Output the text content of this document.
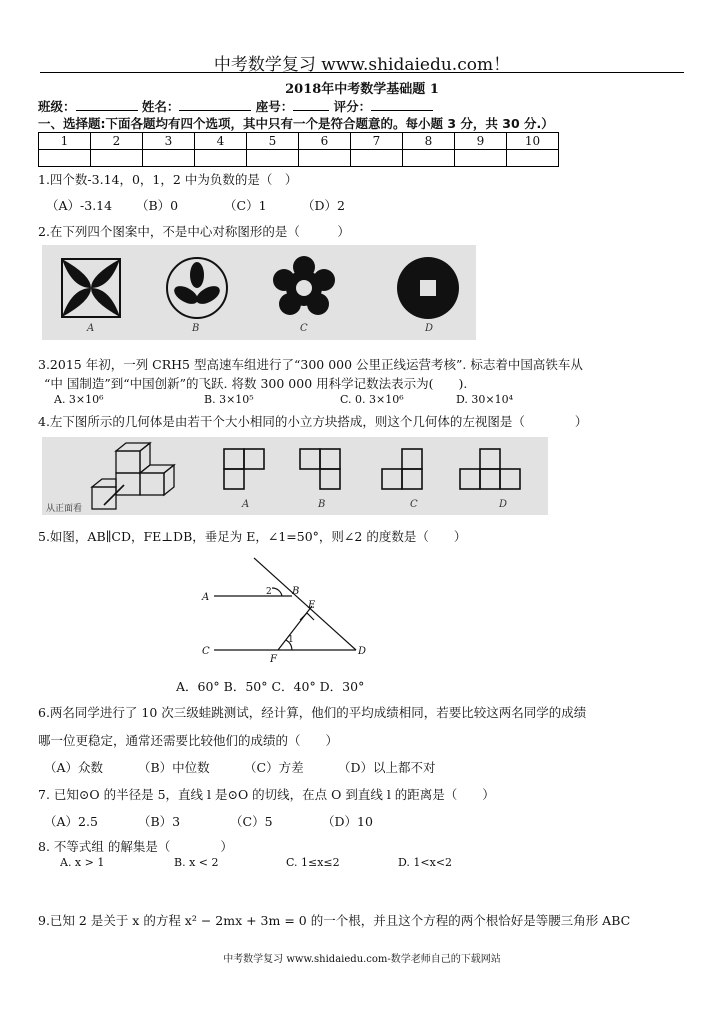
中考数学复习 www.shidaiedu.com！
2018年中考数学基础题 1
班级：	姓名：	座号：	评分：
一、选择题:下面各题均有四个选项，其中只有一个是符合题意的。每小题 3 分，共 30 分.）
1	2	3	4	5	6	7	8	9	10

1.四个数-3.14，0，1，2 中为负数的是（　）
（A）-3.14 （B）0	（C）1	（D）2
2.在下列四个图案中，不是中心对称图形的是（　　　）
A	B	C	D
3.2015 年初，一列 CRH5 型高速车组进行了“300 000 公里正线运营考核”. 标志着中国高铁车从
“中 国制造”到“中国创新”的飞跃. 将数 300 000 用科学记数法表示为(　　).
A. 3×10⁶	B. 3×10⁵	C. 0. 3×10⁶	D. 30×10⁴
4.左下图所示的几何体是由若干个大小相同的小立方块搭成，则这个几何体的左视图是（　　　　）
从正面看	A	B	C	D
5.如图，AB∥CD，FE⊥DB，垂足为 E，∠1=50°，则∠2 的度数是（　　）
A
B
E
C
F
D
2
1
A．60° B．50° C．40° D．30°
6.两名同学进行了 10 次三级蛙跳测试，经计算，他们的平均成绩相同，若要比较这两名同学的成绩
哪一位更稳定，通常还需要比较他们的成绩的（　　）
（A）众数	（B）中位数	（C）方差	（D）以上都不对
7. 已知⊙O 的半径是 5，直线 l 是⊙O 的切线，在点 O 到直线 l 的距离是（　　）
（A）2.5	（B）3	（C）5	（D）10
8. 不等式组 的解集是（　　　　）
A. x > 1	B. x < 2	C. 1≤x≤2	D. 1<x<2
9.已知 2 是关于 x 的方程 x² − 2mx + 3m = 0 的一个根，并且这个方程的两个根恰好是等腰三角形 ABC
中考数学复习 www.shidaiedu.com-数学老师自己的下载网站
